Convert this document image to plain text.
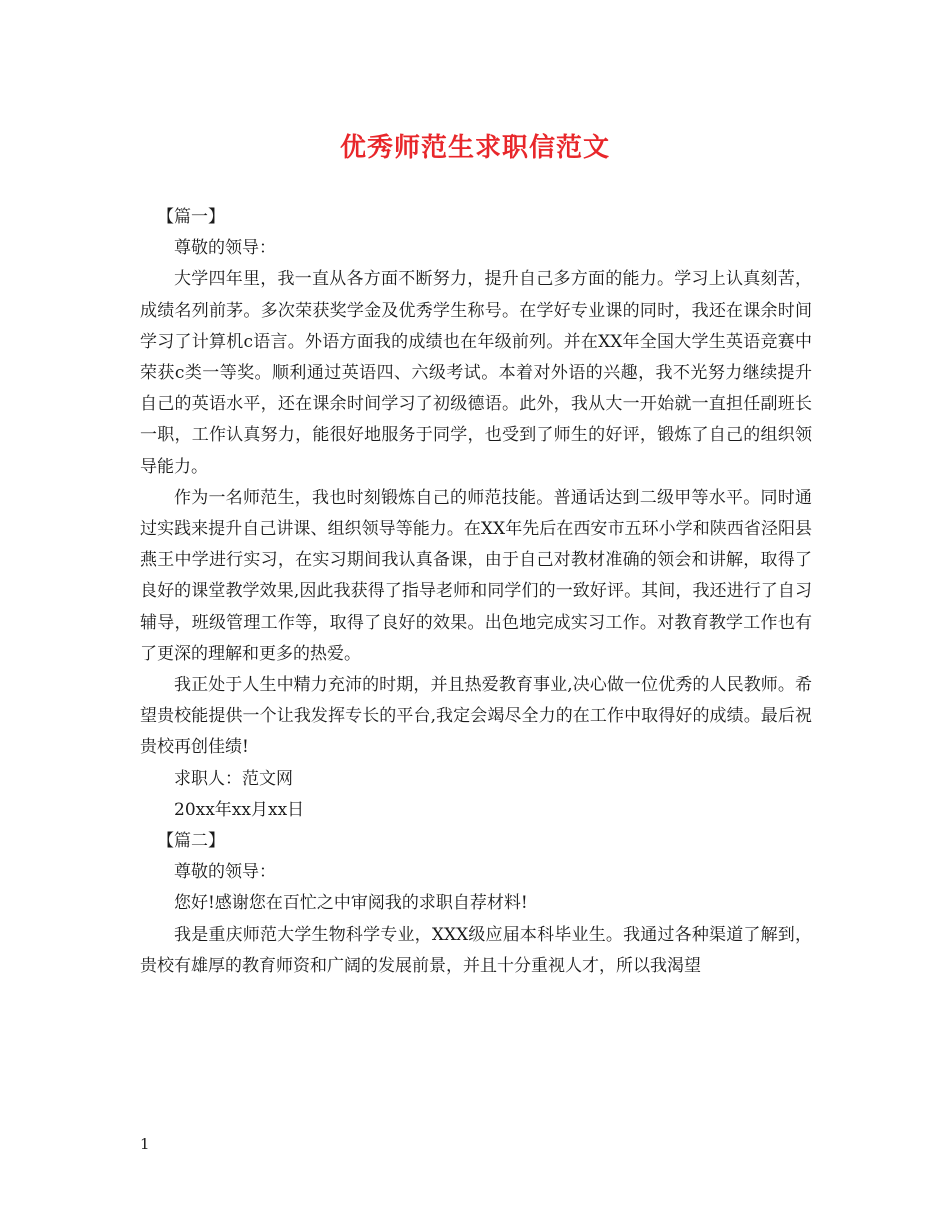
优秀师范生求职信范文

【篇一】

尊敬的领导：

大学四年里，我一直从各方面不断努力，提升自己多方面的能力。学习上认真刻苦，成绩名列前茅。多次荣获奖学金及优秀学生称号。在学好专业课的同时，我还在课余时间学习了计算机c语言。外语方面我的成绩也在年级前列。并在XX年全国大学生英语竞赛中荣获c类一等奖。顺利通过英语四、六级考试。本着对外语的兴趣，我不光努力继续提升自己的英语水平，还在课余时间学习了初级德语。此外，我从大一开始就一直担任副班长一职，工作认真努力，能很好地服务于同学，也受到了师生的好评，锻炼了自己的组织领导能力。

作为一名师范生，我也时刻锻炼自己的师范技能。普通话达到二级甲等水平。同时通过实践来提升自己讲课、组织领导等能力。在XX年先后在西安市五环小学和陕西省泾阳县燕王中学进行实习，在实习期间我认真备课，由于自己对教材准确的领会和讲解，取得了良好的课堂教学效果,因此我获得了指导老师和同学们的一致好评。其间，我还进行了自习辅导，班级管理工作等，取得了良好的效果。出色地完成实习工作。对教育教学工作也有了更深的理解和更多的热爱。

我正处于人生中精力充沛的时期，并且热爱教育事业,决心做一位优秀的人民教师。希望贵校能提供一个让我发挥专长的平台,我定会竭尽全力的在工作中取得好的成绩。最后祝贵校再创佳绩!

求职人：范文网

20xx年xx月xx日

【篇二】

尊敬的领导：

您好!感谢您在百忙之中审阅我的求职自荐材料!

我是重庆师范大学生物科学专业，XXX级应届本科毕业生。我通过各种渠道了解到，贵校有雄厚的教育师资和广阔的发展前景，并且十分重视人才，所以我渴望

1
